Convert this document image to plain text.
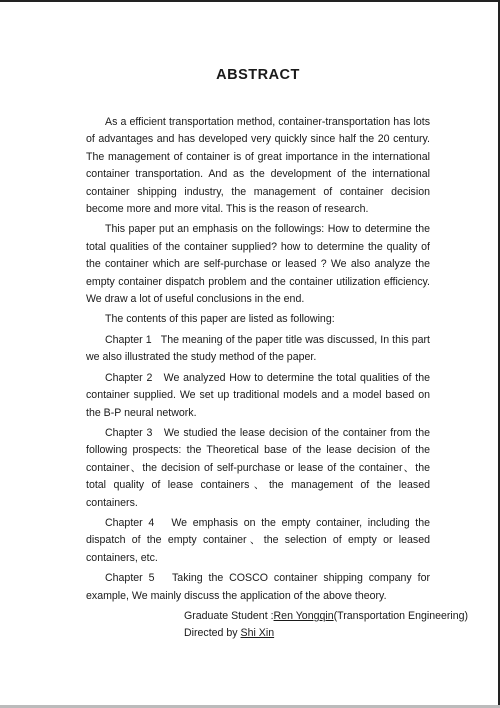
ABSTRACT

As a efficient transportation method, container-transportation has lots of advantages and has developed very quickly since half the 20 century. The management of container is of great importance in the international container transportation. And as the development of the international container shipping industry, the management of container decision become more and more vital. This is the reason of research.

This paper put an emphasis on the followings: How to determine the total qualities of the container supplied? how to determine the quality of the container which are self-purchase or leased ? We also analyze the empty container dispatch problem and the container utilization efficiency. We draw a lot of useful conclusions in the end.

The contents of this paper are listed as following:

Chapter 1 The meaning of the paper title was discussed, In this part we also illustrated the study method of the paper.

Chapter 2 We analyzed How to determine the total qualities of the container supplied. We set up traditional models and a model based on the B-P neural network.

Chapter 3 We studied the lease decision of the container from the following prospects: the Theoretical base of the lease decision of the container、the decision of self-purchase or lease of the container、the total quality of lease containers、the management of the leased containers.

Chapter 4 We emphasis on the empty container, including the dispatch of the empty container、the selection of empty or leased containers, etc.

Chapter 5 Taking the COSCO container shipping company for example, We mainly discuss the application of the above theory.

Graduate Student :Ren Yongqin(Transportation Engineering)
Directed by Shi Xin
